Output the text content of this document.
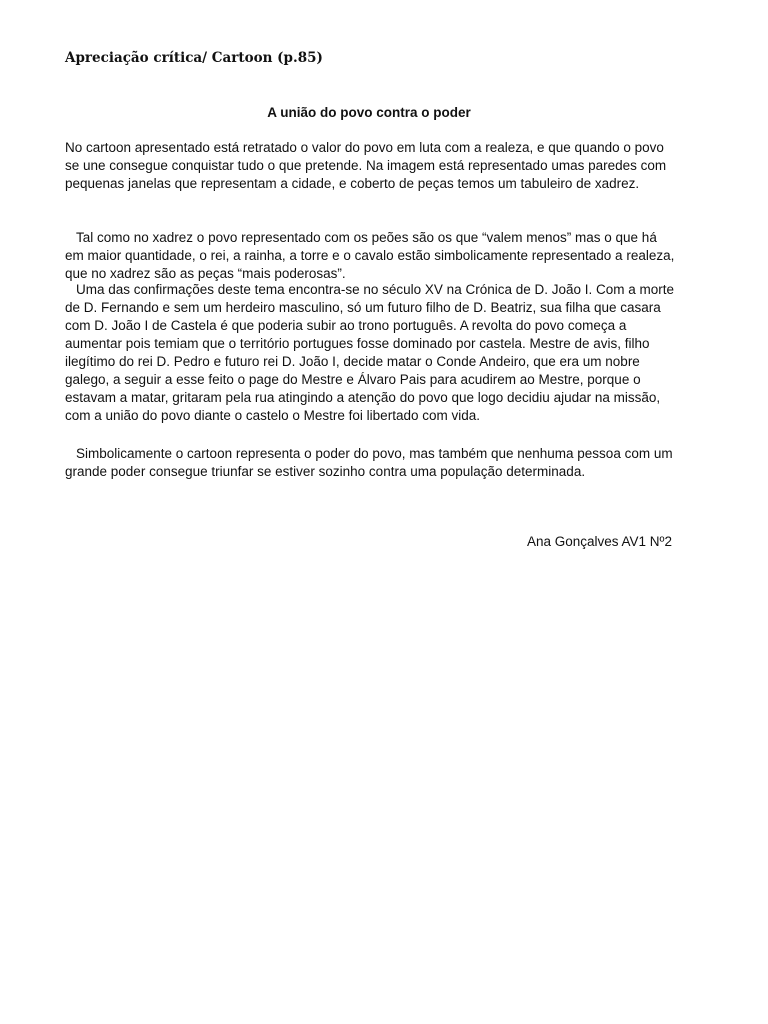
Apreciação crítica/ Cartoon (p.85)
A união do povo contra o poder

No cartoon apresentado está retratado o valor do povo em luta com a realeza, e que quando o povo se une consegue conquistar tudo o que pretende. Na imagem está representado umas paredes com pequenas janelas que representam a cidade, e coberto de peças temos um tabuleiro de xadrez.

Tal como no xadrez o povo representado com os peões são os que “valem menos” mas o que há em maior quantidade, o rei, a rainha, a torre e o cavalo estão simbolicamente representado a realeza, que no xadrez são as peças “mais poderosas”.

Uma das confirmações deste tema encontra-se no século XV na Crónica de D. João I. Com a morte de D. Fernando e sem um herdeiro masculino, só um futuro filho de D. Beatriz, sua filha que casara com D. João I de Castela é que poderia subir ao trono português. A revolta do povo começa a aumentar pois temiam que o território portugues fosse dominado por castela. Mestre de avis, filho ilegítimo do rei D. Pedro e futuro rei D. João I, decide matar o Conde Andeiro, que era um nobre galego, a seguir a esse feito o page do Mestre e Álvaro Pais para acudirem ao Mestre, porque o estavam a matar, gritaram pela rua atingindo a atenção do povo que logo decidiu ajudar na missão, com a união do povo diante o castelo o Mestre foi libertado com vida.

Simbolicamente o cartoon representa o poder do povo, mas também que nenhuma pessoa com um grande poder consegue triunfar se estiver sozinho contra uma população determinada.

Ana Gonçalves AV1 Nº2
